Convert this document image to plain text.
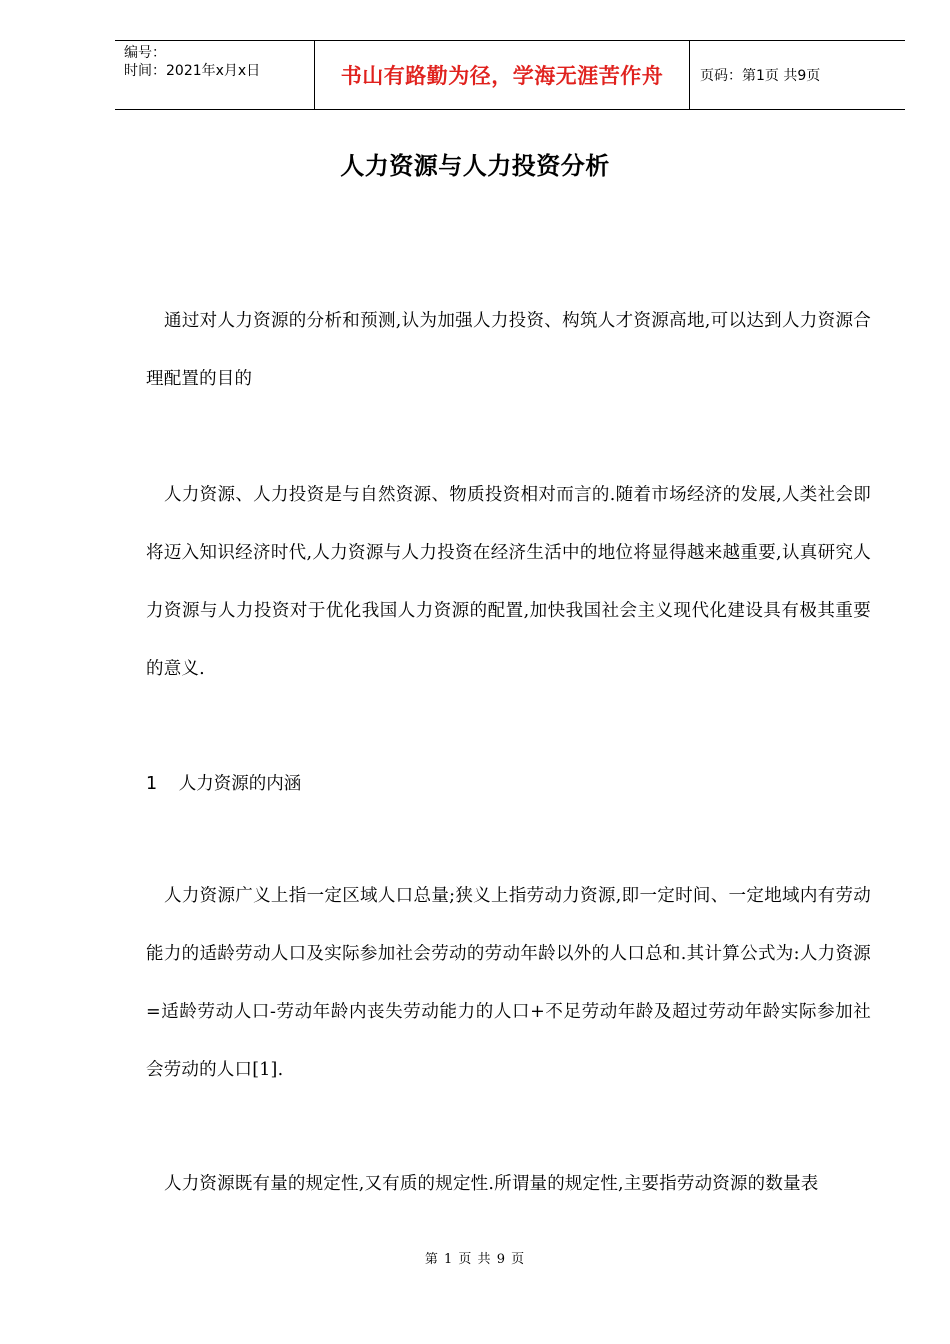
编号：
时间：2021年x月x日	书山有路勤为径，学海无涯苦作舟	页码：第1页 共9页
人力资源与人力投资分析

通过对人力资源的分析和预测,认为加强人力投资、构筑人才资源高地,可以达到人力资源合理配置的目的

人力资源、人力投资是与自然资源、物质投资相对而言的.随着市场经济的发展,人类社会即将迈入知识经济时代,人力资源与人力投资在经济生活中的地位将显得越来越重要,认真研究人力资源与人力投资对于优化我国人力资源的配置,加快我国社会主义现代化建设具有极其重要的意义.

1 人力资源的内涵

人力资源广义上指一定区域人口总量;狭义上指劳动力资源,即一定时间、一定地域内有劳动能力的适龄劳动人口及实际参加社会劳动的劳动年龄以外的人口总和.其计算公式为:人力资源=适龄劳动人口-劳动年龄内丧失劳动能力的人口+不足劳动年龄及超过劳动年龄实际参加社会劳动的人口[1].

人力资源既有量的规定性,又有质的规定性.所谓量的规定性,主要指劳动资源的数量表

第 1 页 共 9 页
